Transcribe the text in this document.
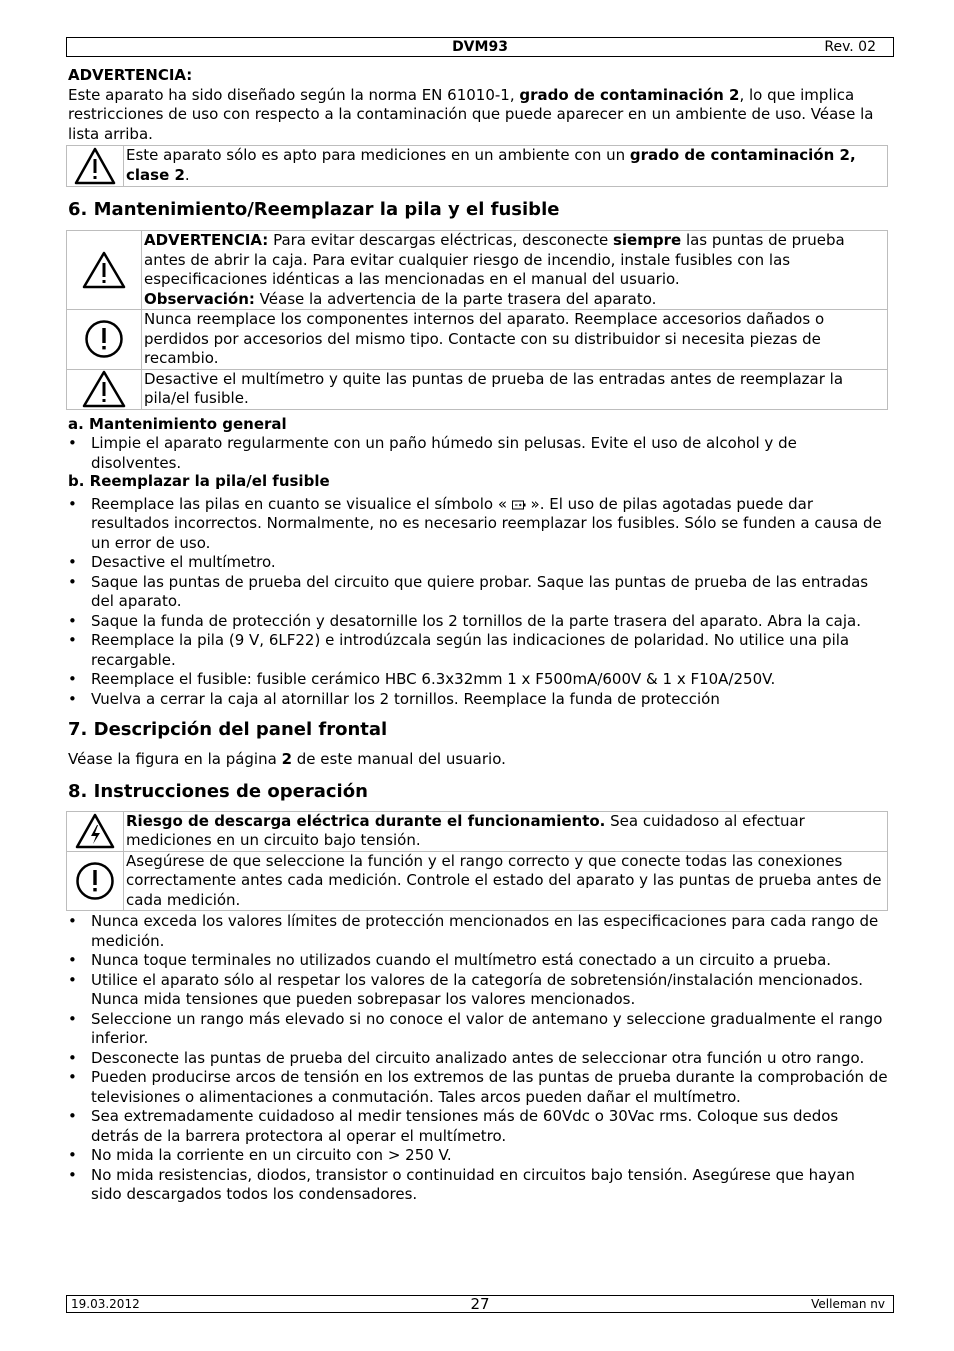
DVM93	Rev. 02

ADVERTENCIA:

Este aparato ha sido diseñado según la norma EN 61010-1, grado de contaminación 2, lo que implica restricciones de uso con respecto a la contaminación que puede aparecer en un ambiente de uso. Véase la lista arriba.

	Este aparato sólo es apto para mediciones en un ambiente con un grado de contaminación 2, clase 2.
6. Mantenimiento/Reemplazar la pila y el fusible
	ADVERTENCIA: Para evitar descargas eléctricas, desconecte siempre las puntas de prueba antes de abrir la caja. Para evitar cualquier riesgo de incendio, instale fusibles con las especificaciones idénticas a las mencionadas en el manual del usuario.
Observación: Véase la advertencia de la parte trasera del aparato.

	Nunca reemplace los componentes internos del aparato. Reemplace accesorios dañados o perdidos por accesorios del mismo tipo. Contacte con su distribuidor si necesita piezas de recambio.

	Desactive el multímetro y quite las puntas de prueba de las entradas antes de reemplazar la pila/el fusible.

a. Mantenimiento general

• Limpie el aparato regularmente con un paño húmedo sin pelusas. Evite el uso de alcohol y de disolventes.

b. Reemplazar la pila/el fusible

• Reemplace las pilas en cuanto se visualice el símbolo «
». El uso de pilas agotadas puede dar resultados incorrectos. Normalmente, no es necesario reemplazar los fusibles. Sólo se funden a causa de un error de uso.
• Desactive el multímetro.
• Saque las puntas de prueba del circuito que quiere probar. Saque las puntas de prueba de las entradas del aparato.
• Saque la funda de protección y desatornille los 2 tornillos de la parte trasera del aparato. Abra la caja.
• Reemplace la pila (9 V, 6LF22) e introdúzcala según las indicaciones de polaridad. No utilice una pila recargable.
• Reemplace el fusible: fusible cerámico HBC 6.3x32mm 1 x F500mA/600V & 1 x F10A/250V.
• Vuelva a cerrar la caja al atornillar los 2 tornillos. Reemplace la funda de protección
7. Descripción del panel frontal

Véase la figura en la página 2 de este manual del usuario.

8. Instrucciones de operación
	Riesgo de descarga eléctrica durante el funcionamiento. Sea cuidadoso al efectuar mediciones en un circuito bajo tensión.

	Asegúrese de que seleccione la función y el rango correcto y que conecte todas las conexiones correctamente antes cada medición. Controle el estado del aparato y las puntas de prueba antes de cada medición.
• Nunca exceda los valores límites de protección mencionados en las especificaciones para cada rango de medición.
• Nunca toque terminales no utilizados cuando el multímetro está conectado a un circuito a prueba.
• Utilice el aparato sólo al respetar los valores de la categoría de sobretensión/instalación mencionados. Nunca mida tensiones que pueden sobrepasar los valores mencionados.
• Seleccione un rango más elevado si no conoce el valor de antemano y seleccione gradualmente el rango inferior.
• Desconecte las puntas de prueba del circuito analizado antes de seleccionar otra función u otro rango.
• Pueden producirse arcos de tensión en los extremos de las puntas de prueba durante la comprobación de televisiones o alimentaciones a conmutación. Tales arcos pueden dañar el multímetro.
• Sea extremadamente cuidadoso al medir tensiones más de 60Vdc o 30Vac rms. Coloque sus dedos detrás de la barrera protectora al operar el multímetro.
• No mida la corriente en un circuito con > 250 V.
• No mida resistencias, diodos, transistor o continuidad en circuitos bajo tensión. Asegúrese que hayan sido descargados todos los condensadores.
19.03.2012	27	Velleman nv
